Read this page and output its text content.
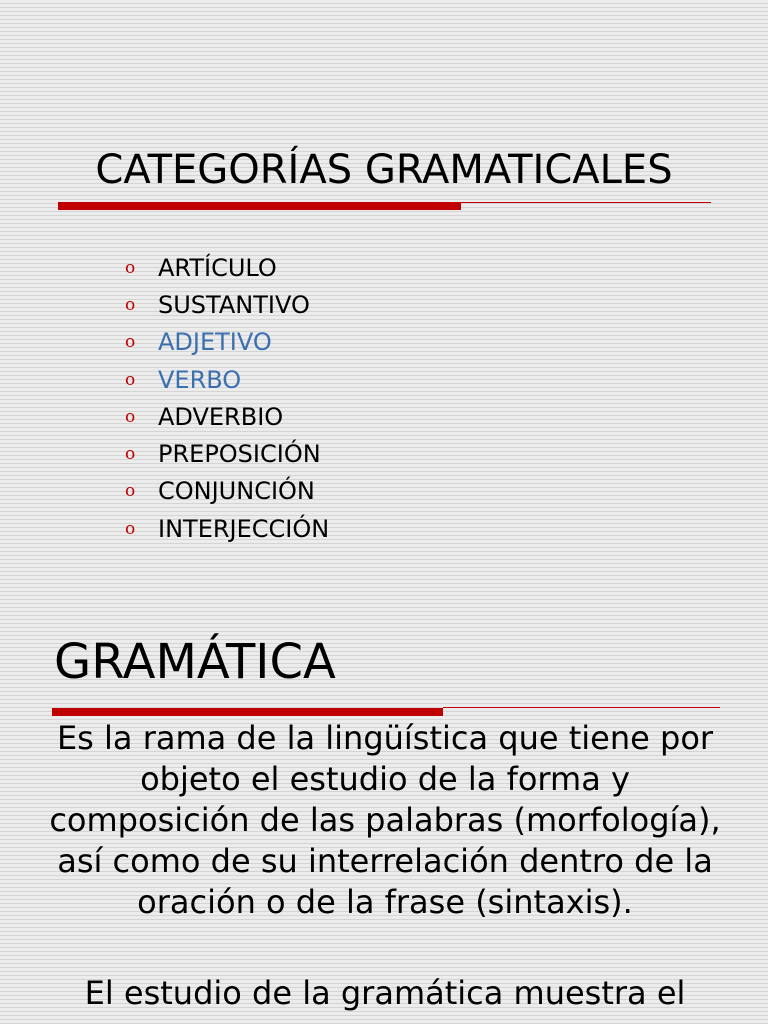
CATEGORÍAS GRAMATICALES
o ARTÍCULO
o SUSTANTIVO
o ADJETIVO
o VERBO
o ADVERBIO
o PREPOSICIÓN
o CONJUNCIÓN
o INTERJECCIÓN
GRAMÁTICA

Es la rama de la lingüística que tiene por objeto el estudio de la forma y composición de las palabras (morfología), así como de su interrelación dentro de la oración o de la frase (sintaxis).

El estudio de la gramática muestra el
